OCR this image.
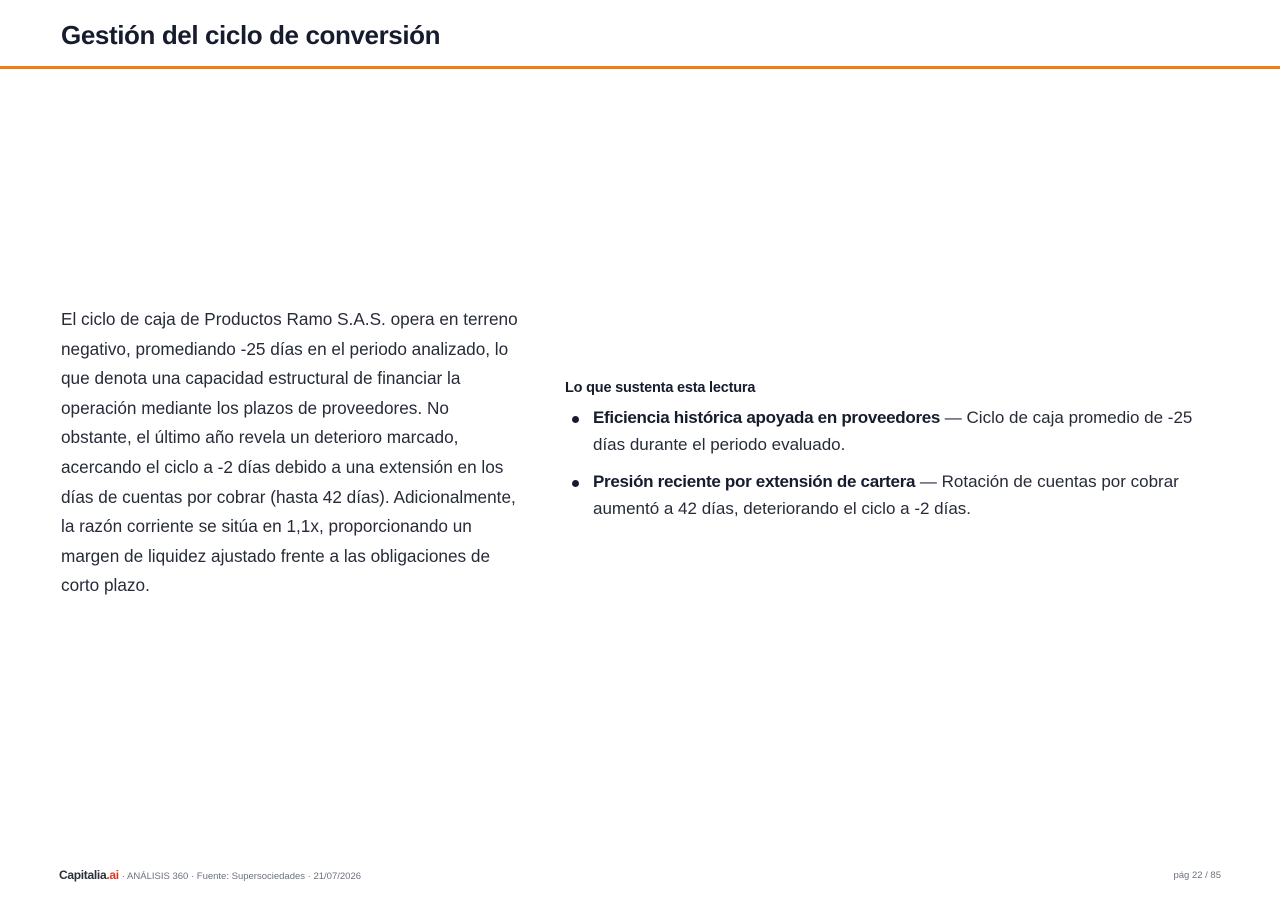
Gestión del ciclo de conversión

El ciclo de caja de Productos Ramo S.A.S. opera en terreno negativo, promediando -25 días en el periodo analizado, lo que denota una capacidad estructural de financiar la operación mediante los plazos de proveedores. No obstante, el último año revela un deterioro marcado, acercando el ciclo a -2 días debido a una extensión en los días de cuentas por cobrar (hasta 42 días). Adicionalmente, la razón corriente se sitúa en 1,1x, proporcionando un margen de liquidez ajustado frente a las obligaciones de corto plazo.

Lo que sustenta esta lectura
Eficiencia histórica apoyada en proveedores — Ciclo de caja promedio de -25 días durante el periodo evaluado.
Presión reciente por extensión de cartera — Rotación de cuentas por cobrar aumentó a 42 días, deteriorando el ciclo a -2 días.
Capitalia.ai · ANÁLISIS 360 · Fuente: Supersociedades · 21/07/2026	pág 22 / 85
